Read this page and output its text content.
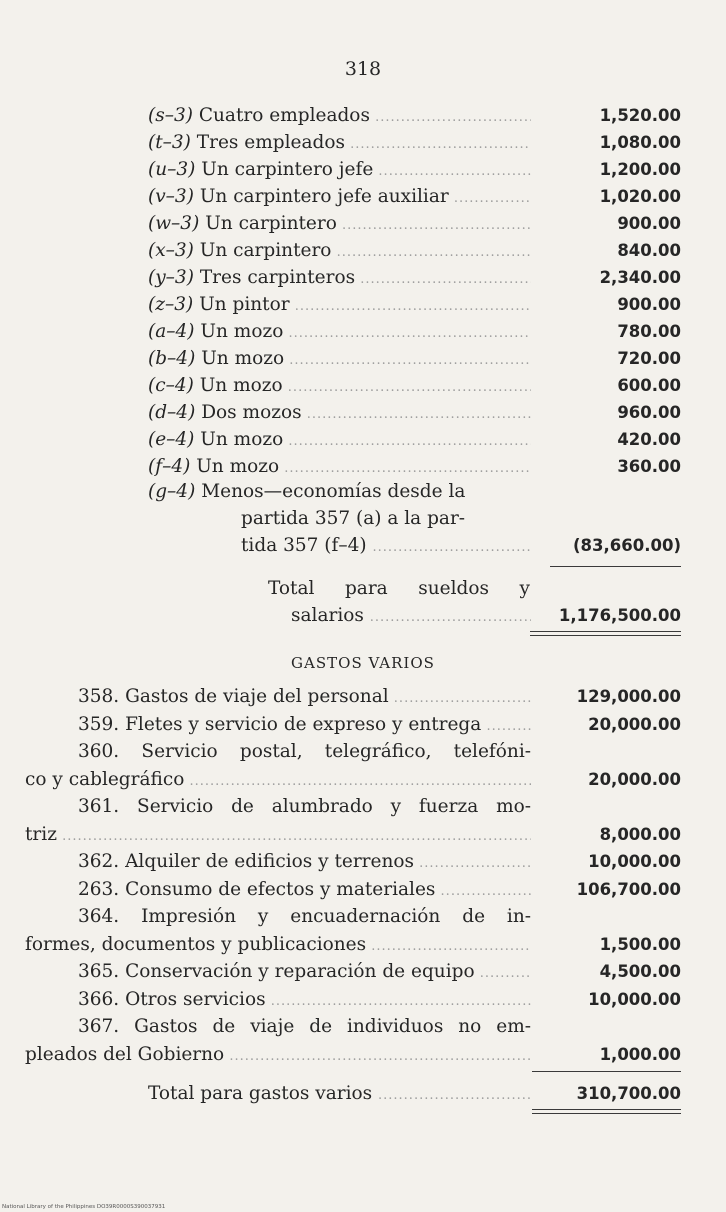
318
(s–3) Cuatro empleados .....	1,520.00
(t–3) Tres empleados .....	1,080.00
(u–3) Un carpintero jefe .....	1,200.00
(v–3) Un carpintero jefe auxiliar .....	1,020.00
(w–3) Un carpintero .....	900.00
(x–3) Un carpintero .....	840.00
(y–3) Tres carpinteros .....	2,340.00
(z–3) Un pintor .....	900.00
(a–4) Un mozo .....	780.00
(b–4) Un mozo .....	720.00
(c–4) Un mozo .....	600.00
(d–4) Dos mozos .....	960.00
(e–4) Un mozo .....	420.00
(f–4) Un mozo .....	360.00
(g–4) Menos—economías desde la
partida 357 (a) a la par-
tida 357 (f–4) .....	(83,660.00)
Total para sueldos y
salarios .....	1,176,500.00
GASTOS VARIOS
358. Gastos de viaje del personal .....	129,000.00
359. Fletes y servicio de expreso y entrega .....	20,000.00
360. Servicio postal, telegráfico, telefóni-
co y cablegráfico .....	20,000.00
361. Servicio de alumbrado y fuerza mo-
triz .....	8,000.00
362. Alquiler de edificios y terrenos .....	10,000.00
263. Consumo de efectos y materiales .....	106,700.00
364. Impresión y encuadernación de in-
formes, documentos y publicaciones .....	1,500.00
365. Conservación y reparación de equipo .....	4,500.00
366. Otros servicios .....	10,000.00
367. Gastos de viaje de individuos no em-
pleados del Gobierno .....	1,000.00
Total para gastos varios .....	310,700.00
National Library of the Philippines DO39R0000S390037931
